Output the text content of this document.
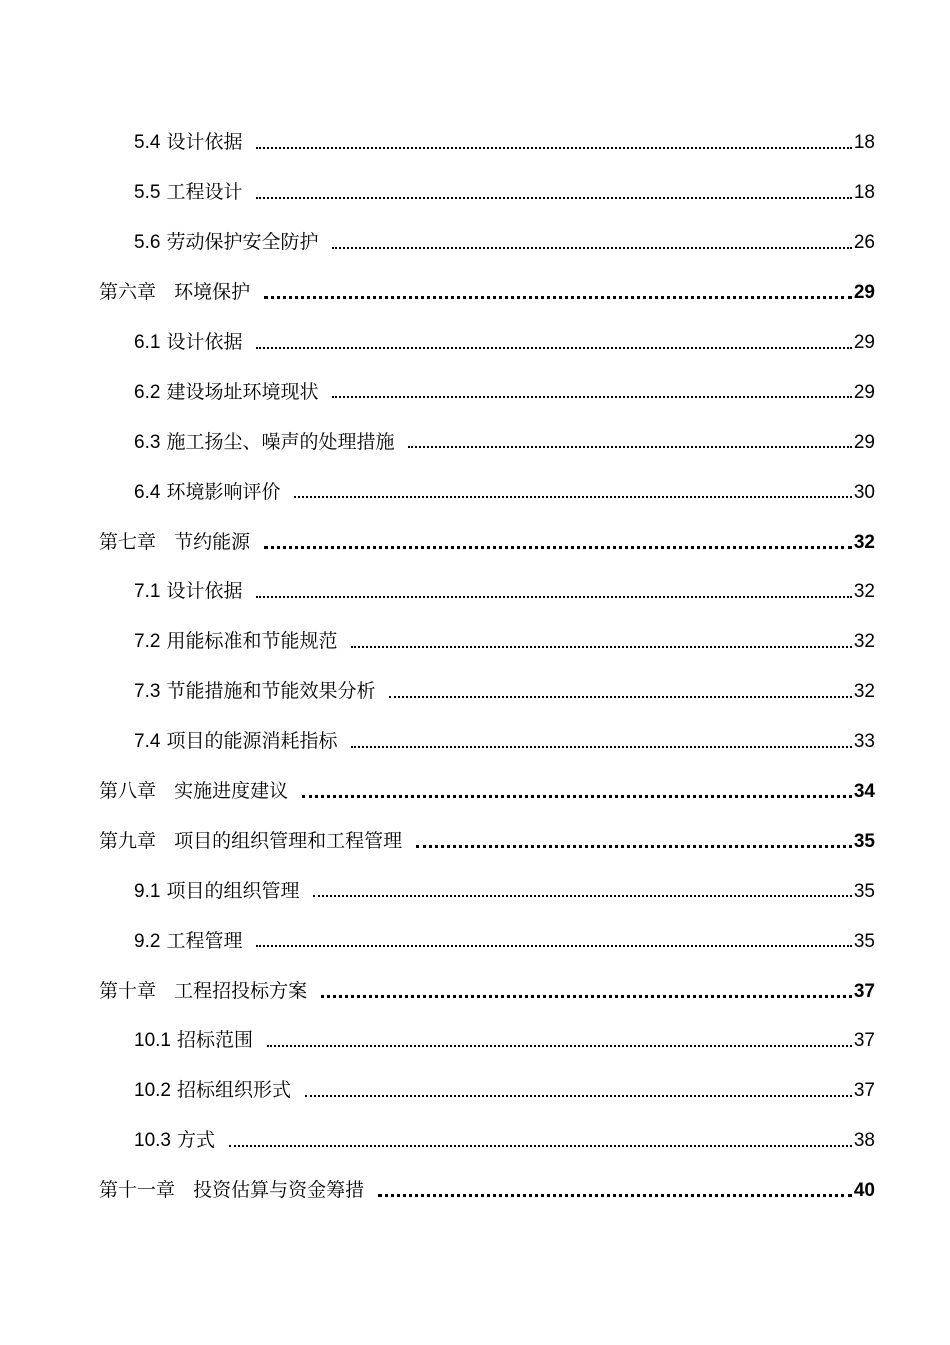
5.4 设计依据	18
5.5 工程设计	18
5.6 劳动保护安全防护	26
第六章 环境保护	29
6.1 设计依据	29
6.2 建设场址环境现状	29
6.3 施工扬尘、噪声的处理措施	29
6.4 环境影响评价	30
第七章 节约能源	32
7.1 设计依据	32
7.2 用能标准和节能规范	32
7.3 节能措施和节能效果分析	32
7.4 项目的能源消耗指标	33
第八章 实施进度建议	34
第九章 项目的组织管理和工程管理	35
9.1 项目的组织管理	35
9.2 工程管理	35
第十章 工程招投标方案	37
10.1 招标范围	37
10.2 招标组织形式	37
10.3 方式	38
第十一章 投资估算与资金筹措	40
